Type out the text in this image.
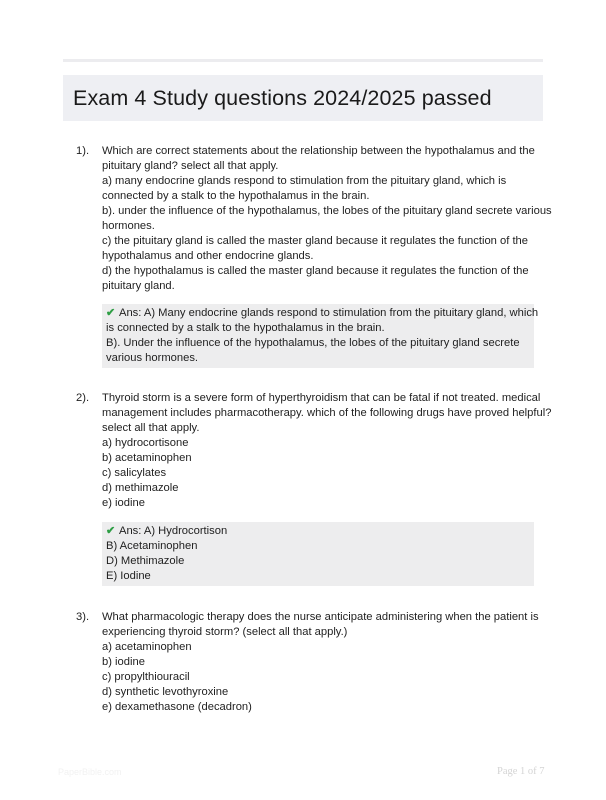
Exam 4 Study questions 2024/2025 passed
1). Which are correct statements about the relationship between the hypothalamus and the
pituitary gland? select all that apply.
a) many endocrine glands respond to stimulation from the pituitary gland, which is
connected by a stalk to the hypothalamus in the brain.
b). under the influence of the hypothalamus, the lobes of the pituitary gland secrete various
hormones.
c) the pituitary gland is called the master gland because it regulates the function of the
hypothalamus and other endocrine glands.
d) the hypothalamus is called the master gland because it regulates the function of the
pituitary gland.
✔ Ans: A) Many endocrine glands respond to stimulation from the pituitary gland, which
is connected by a stalk to the hypothalamus in the brain.
B). Under the influence of the hypothalamus, the lobes of the pituitary gland secrete
various hormones.
2). Thyroid storm is a severe form of hyperthyroidism that can be fatal if not treated. medical
management includes pharmacotherapy. which of the following drugs have proved helpful?
select all that apply.
a) hydrocortisone
b) acetaminophen
c) salicylates
d) methimazole
e) iodine
✔ Ans: A) Hydrocortison
B) Acetaminophen
D) Methimazole
E) Iodine
3). What pharmacologic therapy does the nurse anticipate administering when the patient is
experiencing thyroid storm? (select all that apply.)
a) acetaminophen
b) iodine
c) propylthiouracil
d) synthetic levothyroxine
e) dexamethasone (decadron)
PaperBible.com	Page 1 of 7
